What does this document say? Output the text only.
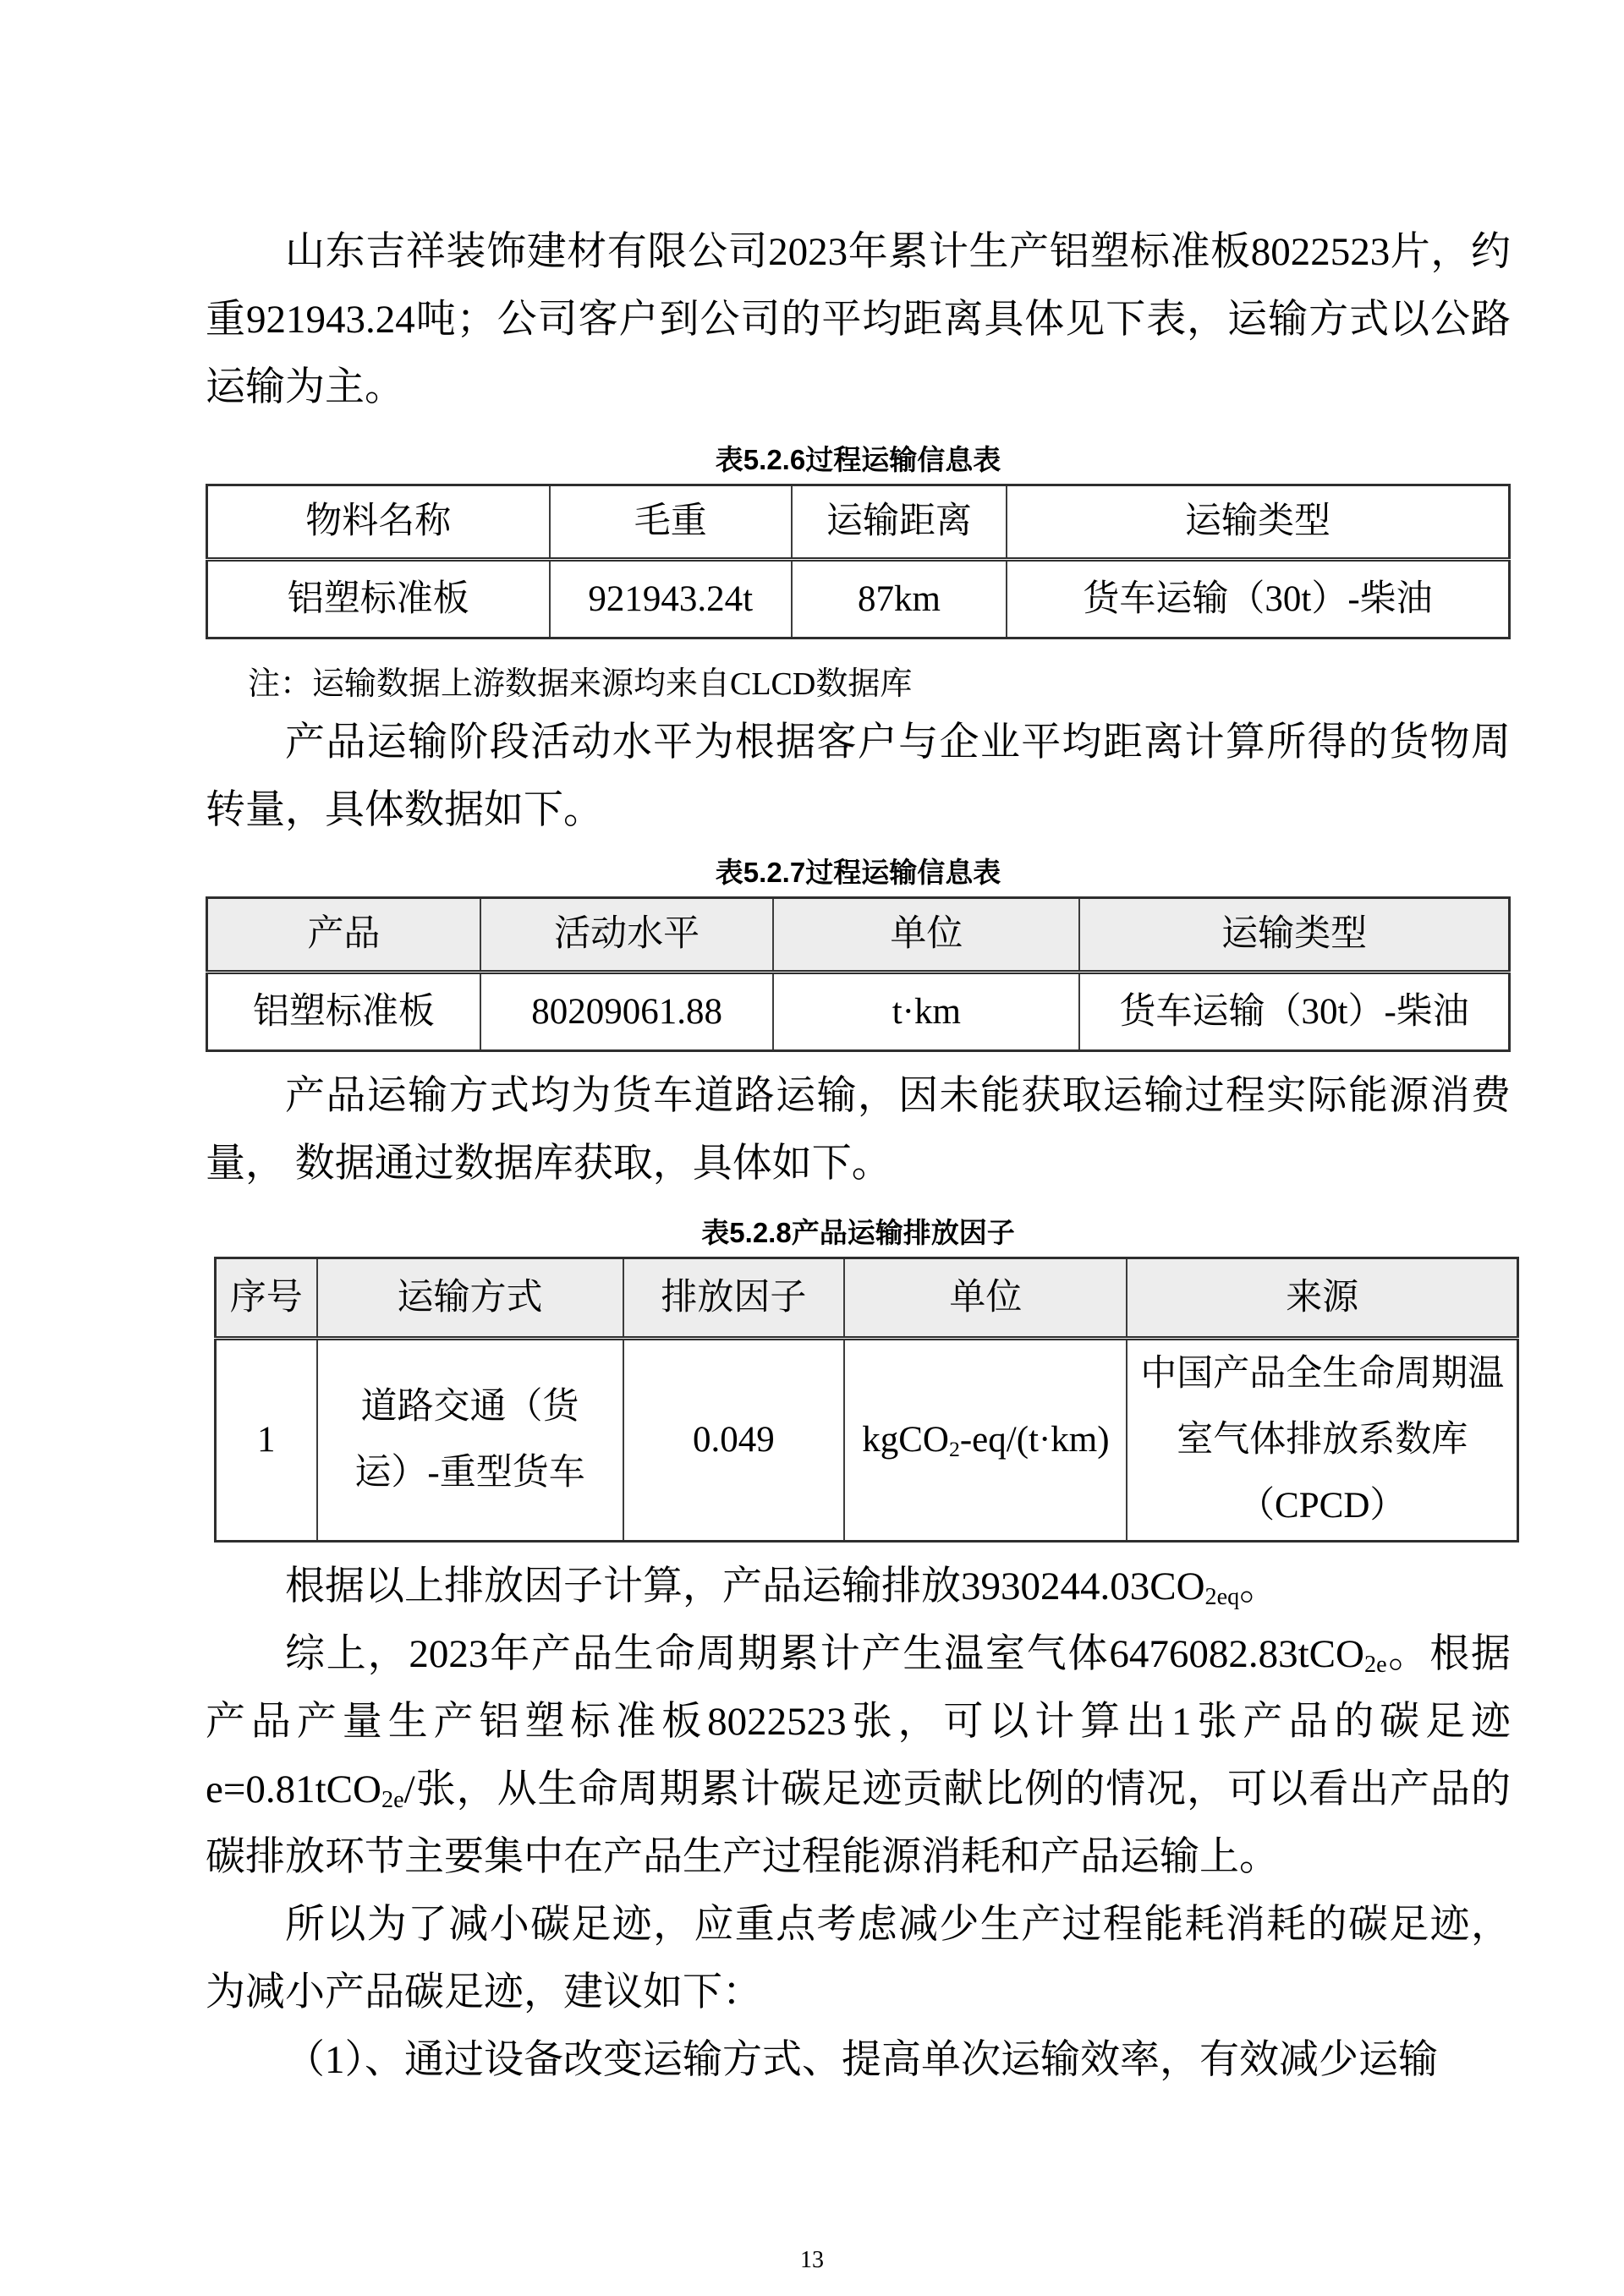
山东吉祥装饰建材有限公司2023年累计生产铝塑标准板8022523片，约重921943.24吨；公司客户到公司的平均距离具体见下表，运输方式以公路运输为主。

表5.2.6过程运输信息表

物料名称	毛重	运输距离	运输类型
铝塑标准板	921943.24t	87km	货车运输（30t）-柴油

注：运输数据上游数据来源均来自CLCD数据库

产品运输阶段活动水平为根据客户与企业平均距离计算所得的货物周转量，具体数据如下。

表5.2.7过程运输信息表

产品	活动水平	单位	运输类型
铝塑标准板	80209061.88	t·km	货车运输（30t）-柴油

产品运输方式均为货车道路运输，因未能获取运输过程实际能源消费量， 数据通过数据库获取，具体如下。

表5.2.8产品运输排放因子

序号	运输方式	排放因子	单位	来源
1	道路交通（货运）-重型货车	0.049	kgCO$_2$-eq/(t·km)	中国产品全生命周期温室气体排放系数库（CPCD）

根据以上排放因子计算，产品运输排放$3930244.03CO_{2eq}$。

综上，2023年产品生命周期累计产生温室气体6476082.83tCO$_{2e}$。根据产品产量生产铝塑标准板8022523张，可以计算出1张产品的碳足迹e=0.81tCO$_{2e}$/张，从生命周期累计碳足迹贡献比例的情况，可以看出产品的碳排放环节主要集中在产品生产过程能源消耗和产品运输上。

所以为了减小碳足迹，应重点考虑减少生产过程能耗消耗的碳足迹，为减小产品碳足迹，建议如下：

（1）、通过设备改变运输方式、提高单次运输效率，有效减少运输

13
